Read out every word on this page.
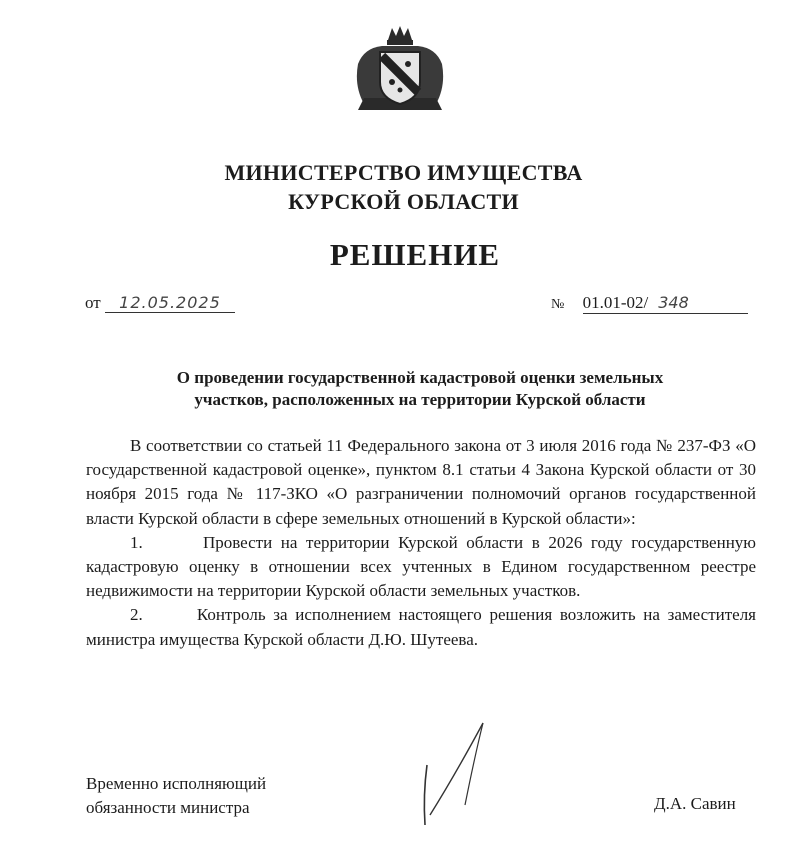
МИНИСТЕРСТВО ИМУЩЕСТВА
КУРСКОЙ ОБЛАСТИ
РЕШЕНИЕ
от 12.05.2025	№ 01.01-02/ 348
О проведении государственной кадастровой оценки земельных
участков, расположенных на территории Курской области

В соответствии со статьей 11 Федерального закона от 3 июля 2016 года № 237-ФЗ «О государственной кадастровой оценке», пунктом 8.1 статьи 4 Закона Курской области от 30 ноября 2015 года № 117-ЗКО «О разграничении полномочий органов государственной власти Курской области в сфере земельных отношений в Курской области»:

1.	Провести на территории Курской области в 2026 году государственную кадастровую оценку в отношении всех учтенных в Едином государственном реестре недвижимости на территории Курской области земельных участков.

2.	Контроль за исполнением настоящего решения возложить на заместителя министра имущества Курской области Д.Ю. Шутеева.

Временно исполняющий
обязанности министра	Д.А. Савин
